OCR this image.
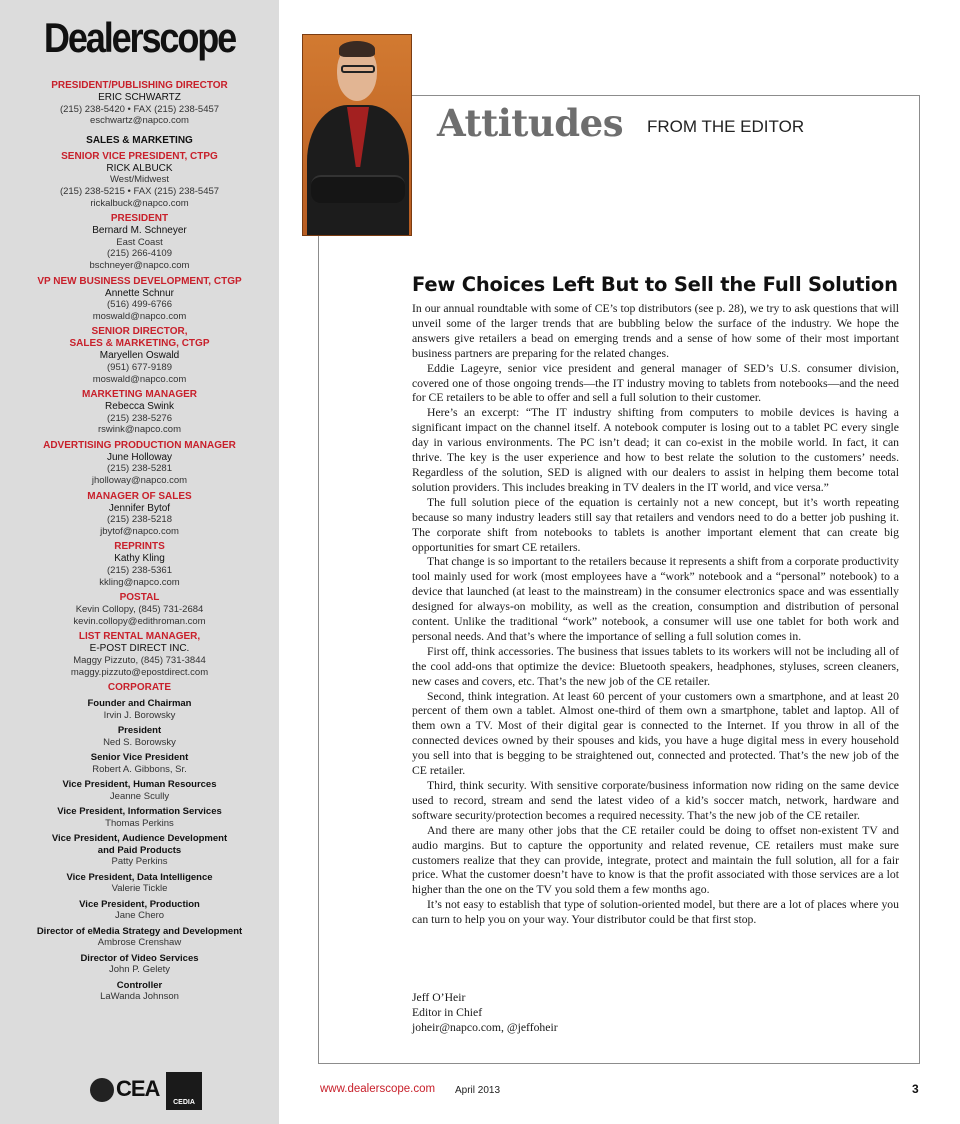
Dealerscope
PRESIDENT/PUBLISHING DIRECTOR
ERIC SCHWARTZ
(215) 238-5420 • FAX (215) 238-5457
eschwartz@napco.com
SALES & MARKETING
SENIOR VICE PRESIDENT, CTPG
RICK ALBUCK
West/Midwest
(215) 238-5215 • FAX (215) 238-5457
rickalbuck@napco.com
PRESIDENT
Bernard M. Schneyer
East Coast
(215) 266-4109
bschneyer@napco.com
VP NEW BUSINESS DEVELOPMENT, CTGP
Annette Schnur
(516) 499-6766
moswald@napco.com
SENIOR DIRECTOR,
SALES & MARKETING, CTGP
Maryellen Oswald
(951) 677-9189
moswald@napco.com
MARKETING MANAGER
Rebecca Swink
(215) 238-5276
rswink@napco.com
ADVERTISING PRODUCTION MANAGER
June Holloway
(215) 238-5281
jholloway@napco.com
MANAGER OF SALES
Jennifer Bytof
(215) 238-5218
jbytof@napco.com
REPRINTS
Kathy Kling
(215) 238-5361
kkling@napco.com
POSTAL
Kevin Collopy, (845) 731-2684
kevin.collopy@edithroman.com
LIST RENTAL MANAGER,
E-POST DIRECT INC.
Maggy Pizzuto, (845) 731-3844
maggy.pizzuto@epostdirect.com
CORPORATE
Founder and Chairman
Irvin J. Borowsky
President
Ned S. Borowsky
Senior Vice President
Robert A. Gibbons, Sr.
Vice President, Human Resources
Jeanne Scully
Vice President, Information Services
Thomas Perkins
Vice President, Audience Development
and Paid Products
Patty Perkins
Vice President, Data Intelligence
Valerie Tickle
Vice President, Production
Jane Chero
Director of eMedia Strategy and Development
Ambrose Crenshaw
Director of Video Services
John P. Gelety
Controller
LaWanda Johnson
CEA
CEDIA
Attitudes FROM THE EDITOR
Few Choices Left But to Sell the Full Solution

In our annual roundtable with some of CE’s top distributors (see p. 28), we try to ask questions that will unveil some of the larger trends that are bubbling below the surface of the industry. We hope the answers give retailers a bead on emerging trends and a sense of how some of their most important business partners are preparing for the related changes.

Eddie Lageyre, senior vice president and general manager of SED’s U.S. consumer division, covered one of those ongoing trends—the IT industry moving to tablets from notebooks—and the need for CE retailers to be able to offer and sell a full solution to their customer.

Here’s an excerpt: “The IT industry shifting from computers to mobile devices is having a significant impact on the channel itself. A notebook computer is losing out to a tablet PC every single day in various environments. The PC isn’t dead; it can co-exist in the mobile world. In fact, it can thrive. The key is the user experience and how to best relate the solution to the customers’ needs. Regardless of the solution, SED is aligned with our dealers to assist in helping them become total solution providers. This includes breaking in TV dealers in the IT world, and vice versa.”

The full solution piece of the equation is certainly not a new concept, but it’s worth repeating because so many industry leaders still say that retailers and vendors need to do a better job pushing it. The corporate shift from notebooks to tablets is another important element that can create big opportunities for smart CE retailers.

That change is so important to the retailers because it represents a shift from a corporate productivity tool mainly used for work (most employees have a “work” notebook and a “personal” notebook) to a device that launched (at least to the mainstream) in the consumer electronics space and was essentially designed for always-on mobility, as well as the creation, consumption and distribution of personal content. Unlike the traditional “work” notebook, a consumer will use one tablet for both work and personal needs. And that’s where the importance of selling a full solution comes in.

First off, think accessories. The business that issues tablets to its workers will not be including all of the cool add-ons that optimize the device: Bluetooth speakers, headphones, styluses, screen cleaners, new cases and covers, etc. That’s the new job of the CE retailer.

Second, think integration. At least 60 percent of your customers own a smartphone, and at least 20 percent of them own a tablet. Almost one-third of them own a smartphone, tablet and laptop. All of them own a TV. Most of their digital gear is connected to the Internet. If you throw in all of the connected devices owned by their spouses and kids, you have a huge digital mess in every household you sell into that is begging to be straightened out, connected and protected. That’s the new job of the CE retailer.

Third, think security. With sensitive corporate/business information now riding on the same device used to record, stream and send the latest video of a kid’s soccer match, network, hardware and software security/protection becomes a required necessity. That’s the new job of the CE retailer.

And there are many other jobs that the CE retailer could be doing to offset non-existent TV and audio margins. But to capture the opportunity and related revenue, CE retailers must make sure customers realize that they can provide, integrate, protect and maintain the full solution, all for a fair price. What the customer doesn’t have to know is that the profit associated with those services are a lot higher than the one on the TV you sold them a few months ago.

It’s not easy to establish that type of solution-oriented model, but there are a lot of places where you can turn to help you on your way. Your distributor could be that first stop.

Jeff O’Heir
Editor in Chief
joheir@napco.com, @jeffoheir
www.dealerscope.com April 2013	3
